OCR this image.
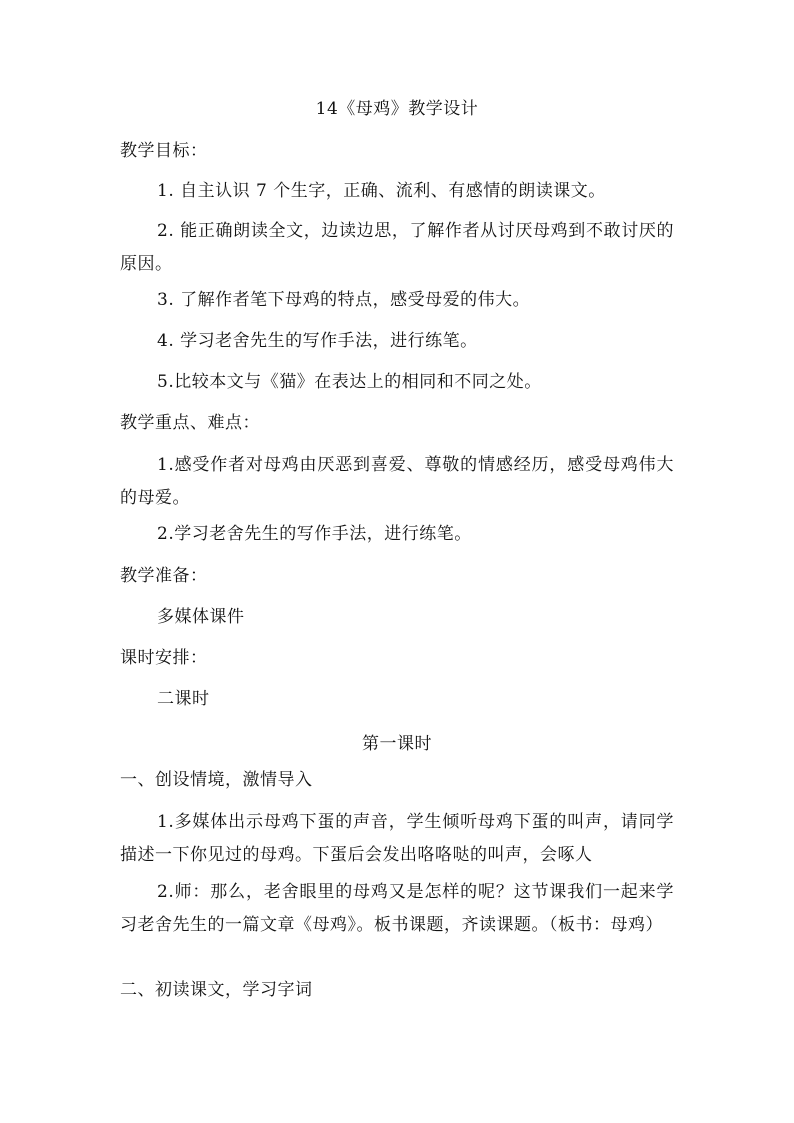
14《母鸡》教学设计
教学目标：
1. 自主认识 7 个生字，正确、流利、有感情的朗读课文。
2. 能正确朗读全文，边读边思，了解作者从讨厌母鸡到不敢讨厌的原因。
3. 了解作者笔下母鸡的特点，感受母爱的伟大。
4. 学习老舍先生的写作手法，进行练笔。
5.比较本文与《猫》在表达上的相同和不同之处。
教学重点、难点：
1.感受作者对母鸡由厌恶到喜爱、尊敬的情感经历，感受母鸡伟大的母爱。
2.学习老舍先生的写作手法，进行练笔。
教学准备：
多媒体课件
课时安排：
二课时
第一课时
一、创设情境，激情导入
1.多媒体出示母鸡下蛋的声音，学生倾听母鸡下蛋的叫声，请同学描述一下你见过的母鸡。下蛋后会发出咯咯哒的叫声，会啄人
2.师：那么，老舍眼里的母鸡又是怎样的呢？这节课我们一起来学习老舍先生的一篇文章《母鸡》。板书课题，齐读课题。（板书：母鸡）
二、初读课文，学习字词
